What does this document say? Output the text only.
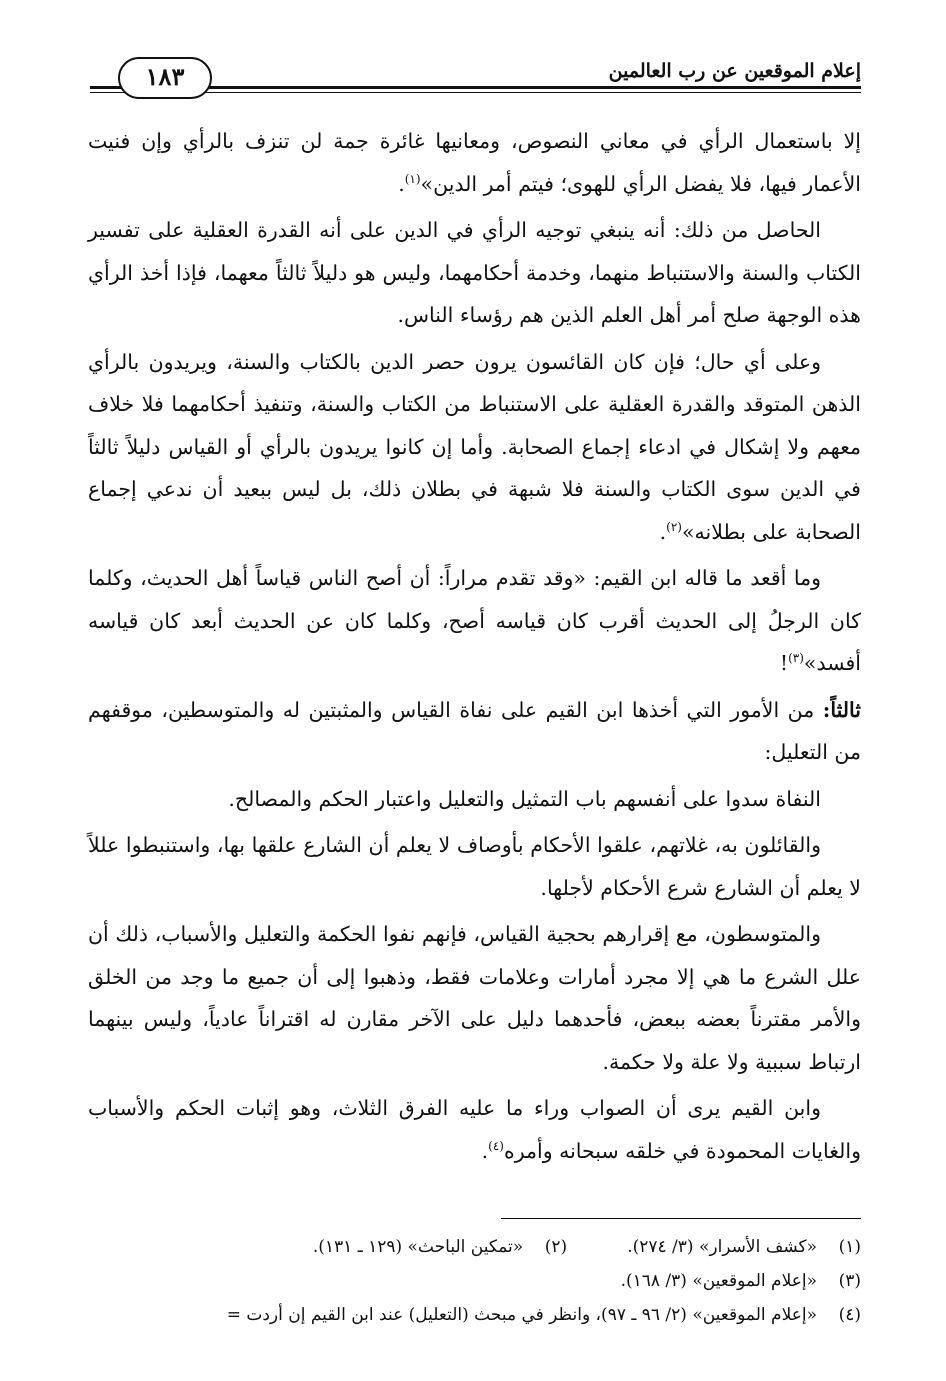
إعلام الموقعين عن رب العالمين
١٨٣

إلا باستعمال الرأي في معاني النصوص، ومعانيها غائرة جمة لن تنزف بالرأي وإن فنيت الأعمار فيها، فلا يفضل الرأي للهوى؛ فيتم أمر الدين»$^{(١)}$.

الحاصل من ذلك: أنه ينبغي توجيه الرأي في الدين على أنه القدرة العقلية على تفسير الكتاب والسنة والاستنباط منهما، وخدمة أحكامهما، وليس هو دليلاً ثالثاً معهما، فإذا أخذ الرأي هذه الوجهة صلح أمر أهل العلم الذين هم رؤساء الناس.

وعلى أي حال؛ فإن كان القائسون يرون حصر الدين بالكتاب والسنة، ويريدون بالرأي الذهن المتوقد والقدرة العقلية على الاستنباط من الكتاب والسنة، وتنفيذ أحكامهما فلا خلاف معهم ولا إشكال في ادعاء إجماع الصحابة. وأما إن كانوا يريدون بالرأي أو القياس دليلاً ثالثاً في الدين سوى الكتاب والسنة فلا شبهة في بطلان ذلك، بل ليس ببعيد أن ندعي إجماع الصحابة على بطلانه»$^{(٢)}$.

وما أقعد ما قاله ابن القيم: «وقد تقدم مراراً: أن أصح الناس قياساً أهل الحديث، وكلما كان الرجلُ إلى الحديث أقرب كان قياسه أصح، وكلما كان عن الحديث أبعد كان قياسه أفسد»$^{(٣)}$!

ثالثاً: من الأمور التي أخذها ابن القيم على نفاة القياس والمثبتين له والمتوسطين، موقفهم من التعليل:

النفاة سدوا على أنفسهم باب التمثيل والتعليل واعتبار الحكم والمصالح.

والقائلون به، غلاتهم، علقوا الأحكام بأوصاف لا يعلم أن الشارع علقها بها، واستنبطوا عللاً لا يعلم أن الشارع شرع الأحكام لأجلها.

والمتوسطون، مع إقرارهم بحجية القياس، فإنهم نفوا الحكمة والتعليل والأسباب، ذلك أن علل الشرع ما هي إلا مجرد أمارات وعلامات فقط، وذهبوا إلى أن جميع ما وجد من الخلق والأمر مقترناً بعضه ببعض، فأحدهما دليل على الآخر مقارن له اقتراناً عادياً، وليس بينهما ارتباط سببية ولا علة ولا حكمة.

وابن القيم يرى أن الصواب وراء ما عليه الفرق الثلاث، وهو إثبات الحكم والأسباب والغايات المحمودة في خلقه سبحانه وأمره$^{(٤)}$.

(١)«كشف الأسرار» (٣/ ٢٧٤).(٢)«تمكين الباحث» (١٢٩ ـ ١٣١).
(٣)«إعلام الموقعين» (٣/ ١٦٨).
(٤)«إعلام الموقعين» (٢/ ٩٦ ـ ٩٧)، وانظر في مبحث (التعليل) عند ابن القيم إن أردت =
